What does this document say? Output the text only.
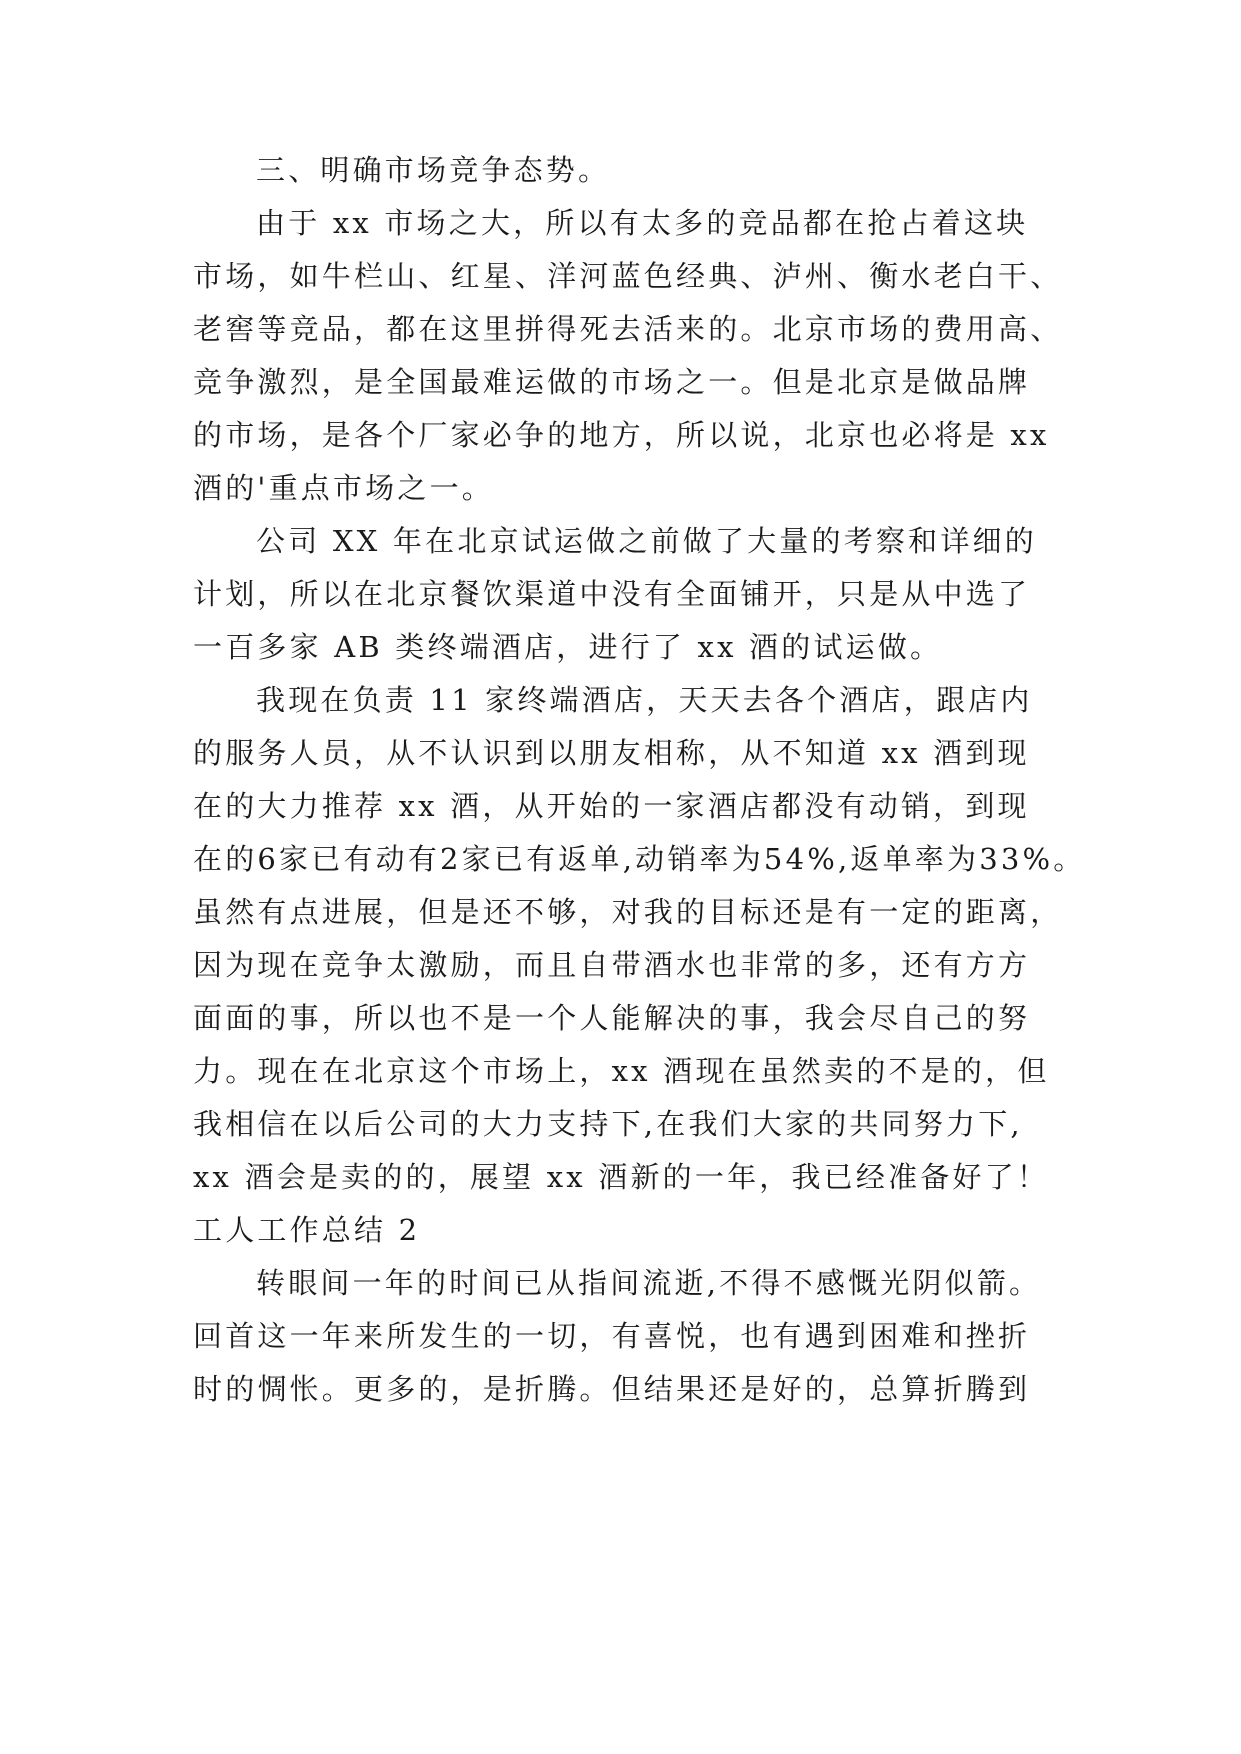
三、明确市场竞争态势。
由于 xx 市场之大，所以有太多的竞品都在抢占着这块
市场，如牛栏山、红星、洋河蓝色经典、泸州、衡水老白干、
老窖等竞品，都在这里拼得死去活来的。北京市场的费用高、
竞争激烈，是全国最难运做的市场之一。但是北京是做品牌
的市场，是各个厂家必争的地方，所以说，北京也必将是 xx
酒的'重点市场之一。
公司 XX 年在北京试运做之前做了大量的考察和详细的
计划，所以在北京餐饮渠道中没有全面铺开，只是从中选了
一百多家 AB 类终端酒店，进行了 xx 酒的试运做。
我现在负责 11 家终端酒店，天天去各个酒店，跟店内
的服务人员，从不认识到以朋友相称，从不知道 xx 酒到现
在的大力推荐 xx 酒，从开始的一家酒店都没有动销，到现
在的6家已有动有2家已有返单,动销率为54%,返单率为33%。
虽然有点进展，但是还不够，对我的目标还是有一定的距离，
因为现在竞争太激励，而且自带酒水也非常的多，还有方方
面面的事，所以也不是一个人能解决的事，我会尽自己的努
力。现在在北京这个市场上，xx 酒现在虽然卖的不是的，但
我相信在以后公司的大力支持下,在我们大家的共同努力下,
xx 酒会是卖的的，展望 xx 酒新的一年，我已经准备好了！
工人工作总结 2
转眼间一年的时间已从指间流逝,不得不感慨光阴似箭。
回首这一年来所发生的一切，有喜悦，也有遇到困难和挫折
时的惆怅。更多的，是折腾。但结果还是好的，总算折腾到
